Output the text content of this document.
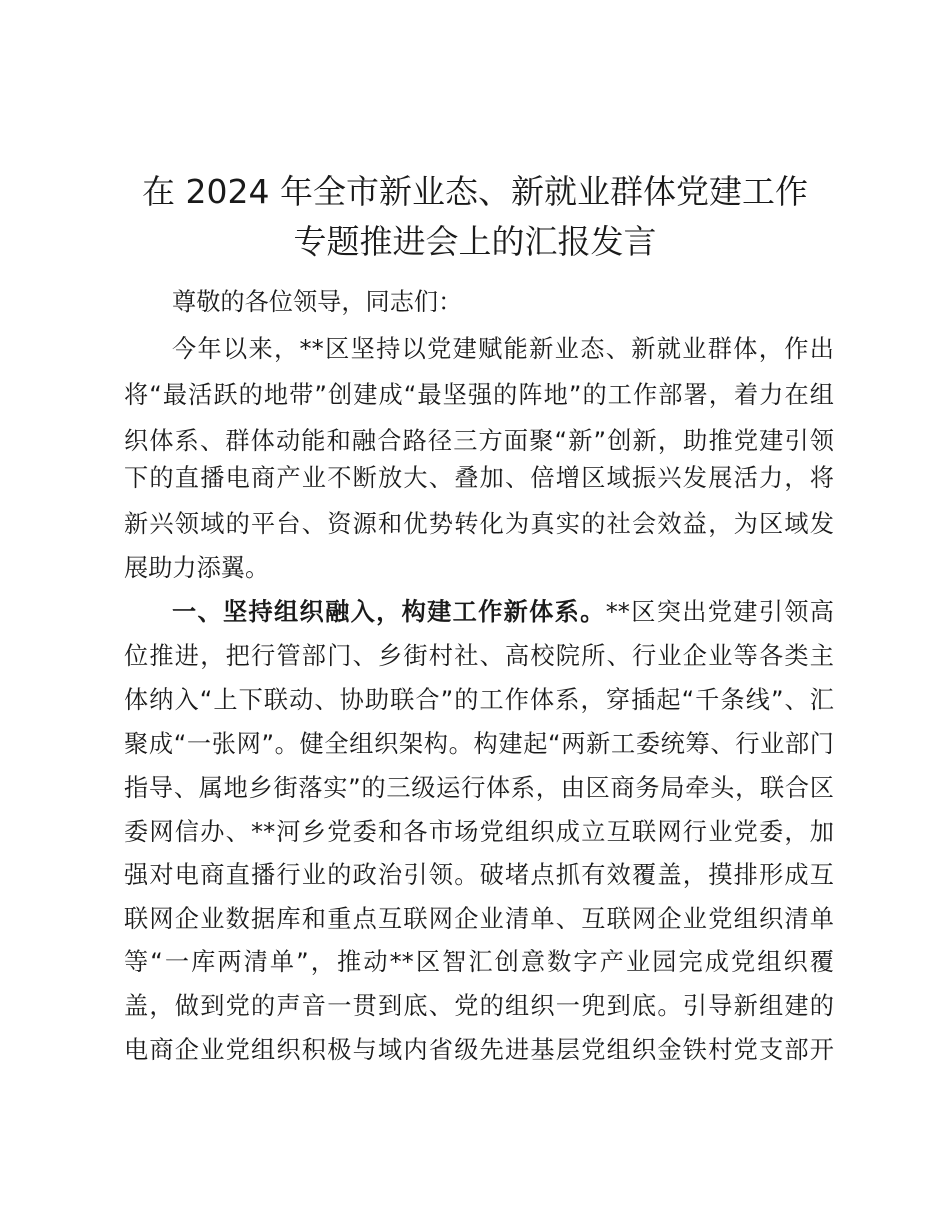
在 2024 年全市新业态、新就业群体党建工作
专题推进会上的汇报发言
尊敬的各位领导，同志们：
今年以来，**区坚持以党建赋能新业态、新就业群体，作出
将“最活跃的地带”创建成“最坚强的阵地”的工作部署，着力在组
织体系、群体动能和融合路径三方面聚“新”创新，助推党建引领
下的直播电商产业不断放大、叠加、倍增区域振兴发展活力，将
新兴领域的平台、资源和优势转化为真实的社会效益，为区域发
展助力添翼。
一、坚持组织融入，构建工作新体系。**区突出党建引领高
位推进，把行管部门、乡街村社、高校院所、行业企业等各类主
体纳入“上下联动、协助联合”的工作体系，穿插起“千条线”、汇
聚成“一张网”。健全组织架构。构建起“两新工委统筹、行业部门
指导、属地乡街落实”的三级运行体系，由区商务局牵头，联合区
委网信办、**河乡党委和各市场党组织成立互联网行业党委，加
强对电商直播行业的政治引领。破堵点抓有效覆盖，摸排形成互
联网企业数据库和重点互联网企业清单、互联网企业党组织清单
等“一库两清单”，推动**区智汇创意数字产业园完成党组织覆
盖，做到党的声音一贯到底、党的组织一兜到底。引导新组建的
电商企业党组织积极与域内省级先进基层党组织金铁村党支部开
